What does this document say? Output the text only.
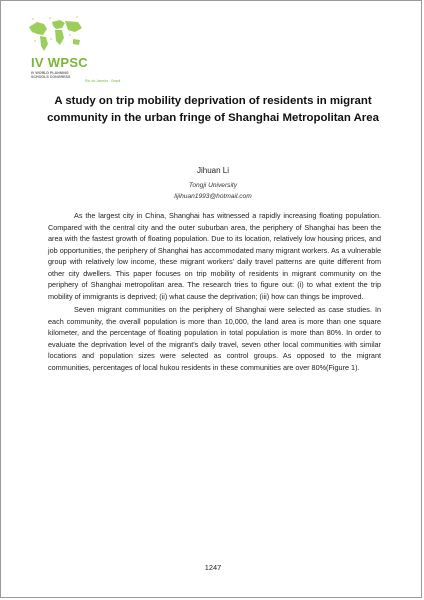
IV WPSC
IV WORLD PLANNING SCHOOLS CONGRESS
Rio de Janeiro · Brazil
A study on trip mobility deprivation of residents in migrant community in the urban fringe of Shanghai Metropolitan Area
Jihuan Li
Tongji University
lijihuan1993@hotmail.com

As the largest city in China, Shanghai has witnessed a rapidly increasing floating population. Compared with the central city and the outer suburban area, the periphery of Shanghai has been the area with the fastest growth of floating population. Due to its location, relatively low housing prices, and job opportunities, the periphery of Shanghai has accommodated many migrant workers. As a vulnerable group with relatively low income, these migrant workers' daily travel patterns are quite different from other city dwellers. This paper focuses on trip mobility of residents in migrant community on the periphery of Shanghai metropolitan area. The research tries to figure out: (i) to what extent the trip mobility of immigrants is deprived; (ii) what cause the deprivation; (iii) how can things be improved.

Seven migrant communities on the periphery of Shanghai were selected as case studies. In each community, the overall population is more than 10,000, the land area is more than one square kilometer, and the percentage of floating population in total population is more than 80%. In order to evaluate the deprivation level of the migrant's daily travel, seven other local communities with similar locations and population sizes were selected as control groups. As opposed to the migrant communities, percentages of local hukou residents in these communities are over 80%(Figure 1).

1247
